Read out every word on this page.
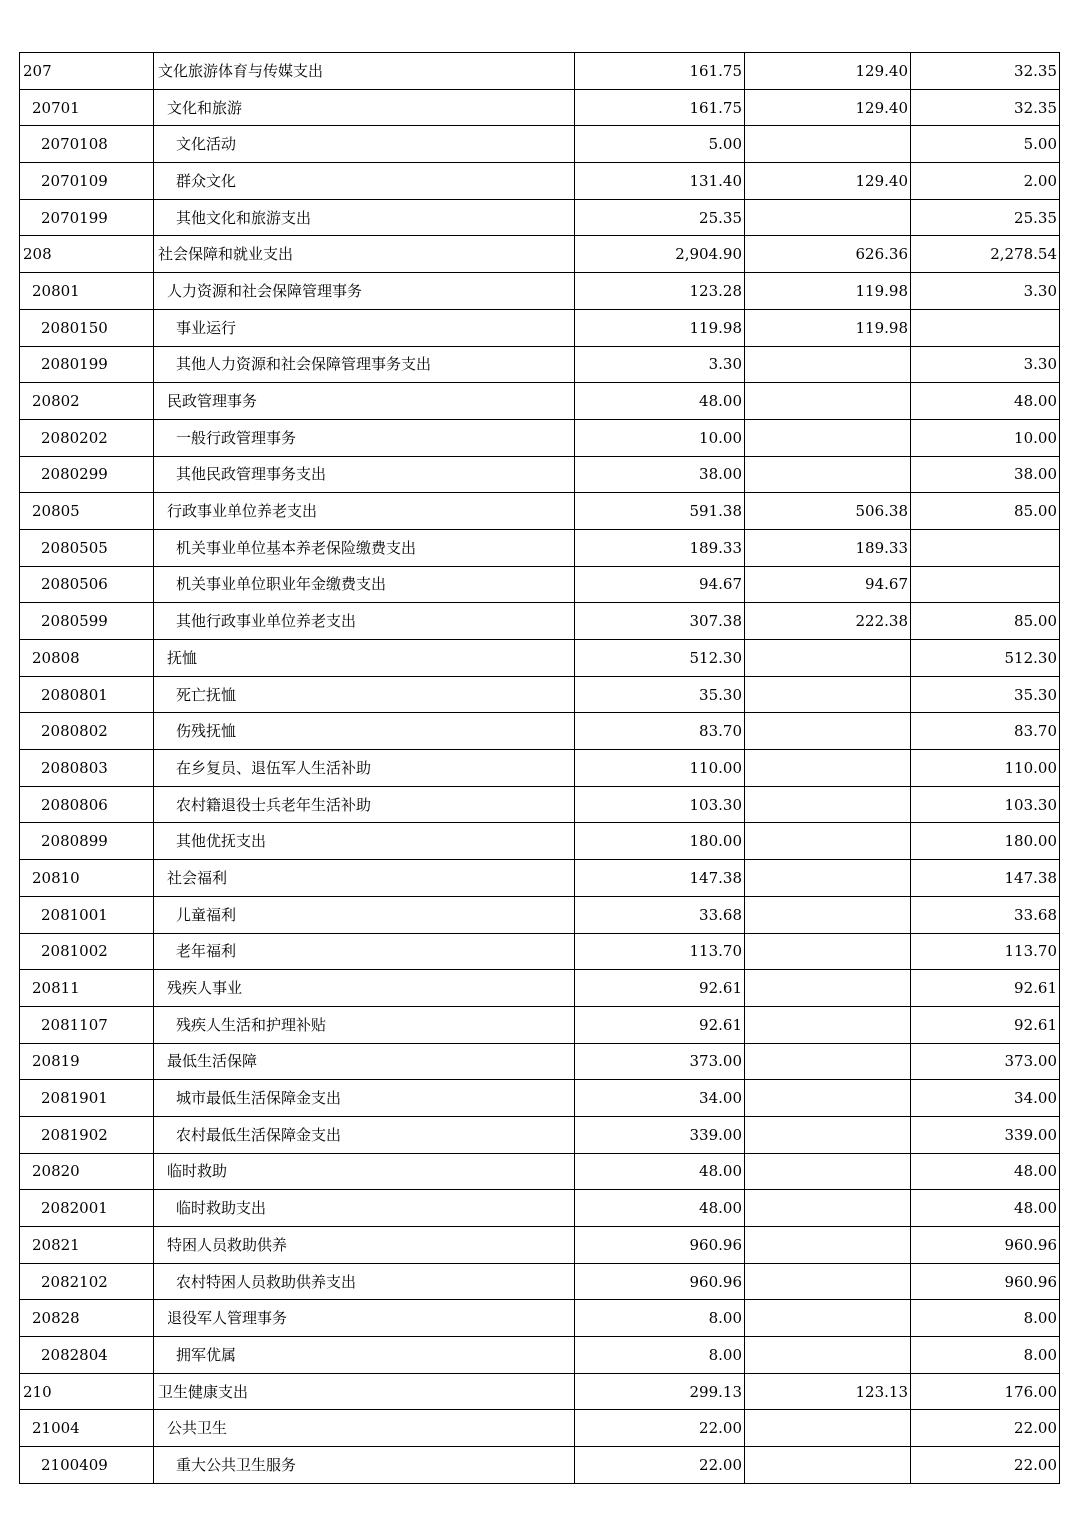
207	文化旅游体育与传媒支出	161.75	129.40	32.35
20701	文化和旅游	161.75	129.40	32.35
2070108	文化活动	5.00		5.00
2070109	群众文化	131.40	129.40	2.00
2070199	其他文化和旅游支出	25.35		25.35
208	社会保障和就业支出	2,904.90	626.36	2,278.54
20801	人力资源和社会保障管理事务	123.28	119.98	3.30
2080150	事业运行	119.98	119.98	
2080199	其他人力资源和社会保障管理事务支出	3.30		3.30
20802	民政管理事务	48.00		48.00
2080202	一般行政管理事务	10.00		10.00
2080299	其他民政管理事务支出	38.00		38.00
20805	行政事业单位养老支出	591.38	506.38	85.00
2080505	机关事业单位基本养老保险缴费支出	189.33	189.33	
2080506	机关事业单位职业年金缴费支出	94.67	94.67	
2080599	其他行政事业单位养老支出	307.38	222.38	85.00
20808	抚恤	512.30		512.30
2080801	死亡抚恤	35.30		35.30
2080802	伤残抚恤	83.70		83.70
2080803	在乡复员、退伍军人生活补助	110.00		110.00
2080806	农村籍退役士兵老年生活补助	103.30		103.30
2080899	其他优抚支出	180.00		180.00
20810	社会福利	147.38		147.38
2081001	儿童福利	33.68		33.68
2081002	老年福利	113.70		113.70
20811	残疾人事业	92.61		92.61
2081107	残疾人生活和护理补贴	92.61		92.61
20819	最低生活保障	373.00		373.00
2081901	城市最低生活保障金支出	34.00		34.00
2081902	农村最低生活保障金支出	339.00		339.00
20820	临时救助	48.00		48.00
2082001	临时救助支出	48.00		48.00
20821	特困人员救助供养	960.96		960.96
2082102	农村特困人员救助供养支出	960.96		960.96
20828	退役军人管理事务	8.00		8.00
2082804	拥军优属	8.00		8.00
210	卫生健康支出	299.13	123.13	176.00
21004	公共卫生	22.00		22.00
2100409	重大公共卫生服务	22.00		22.00
